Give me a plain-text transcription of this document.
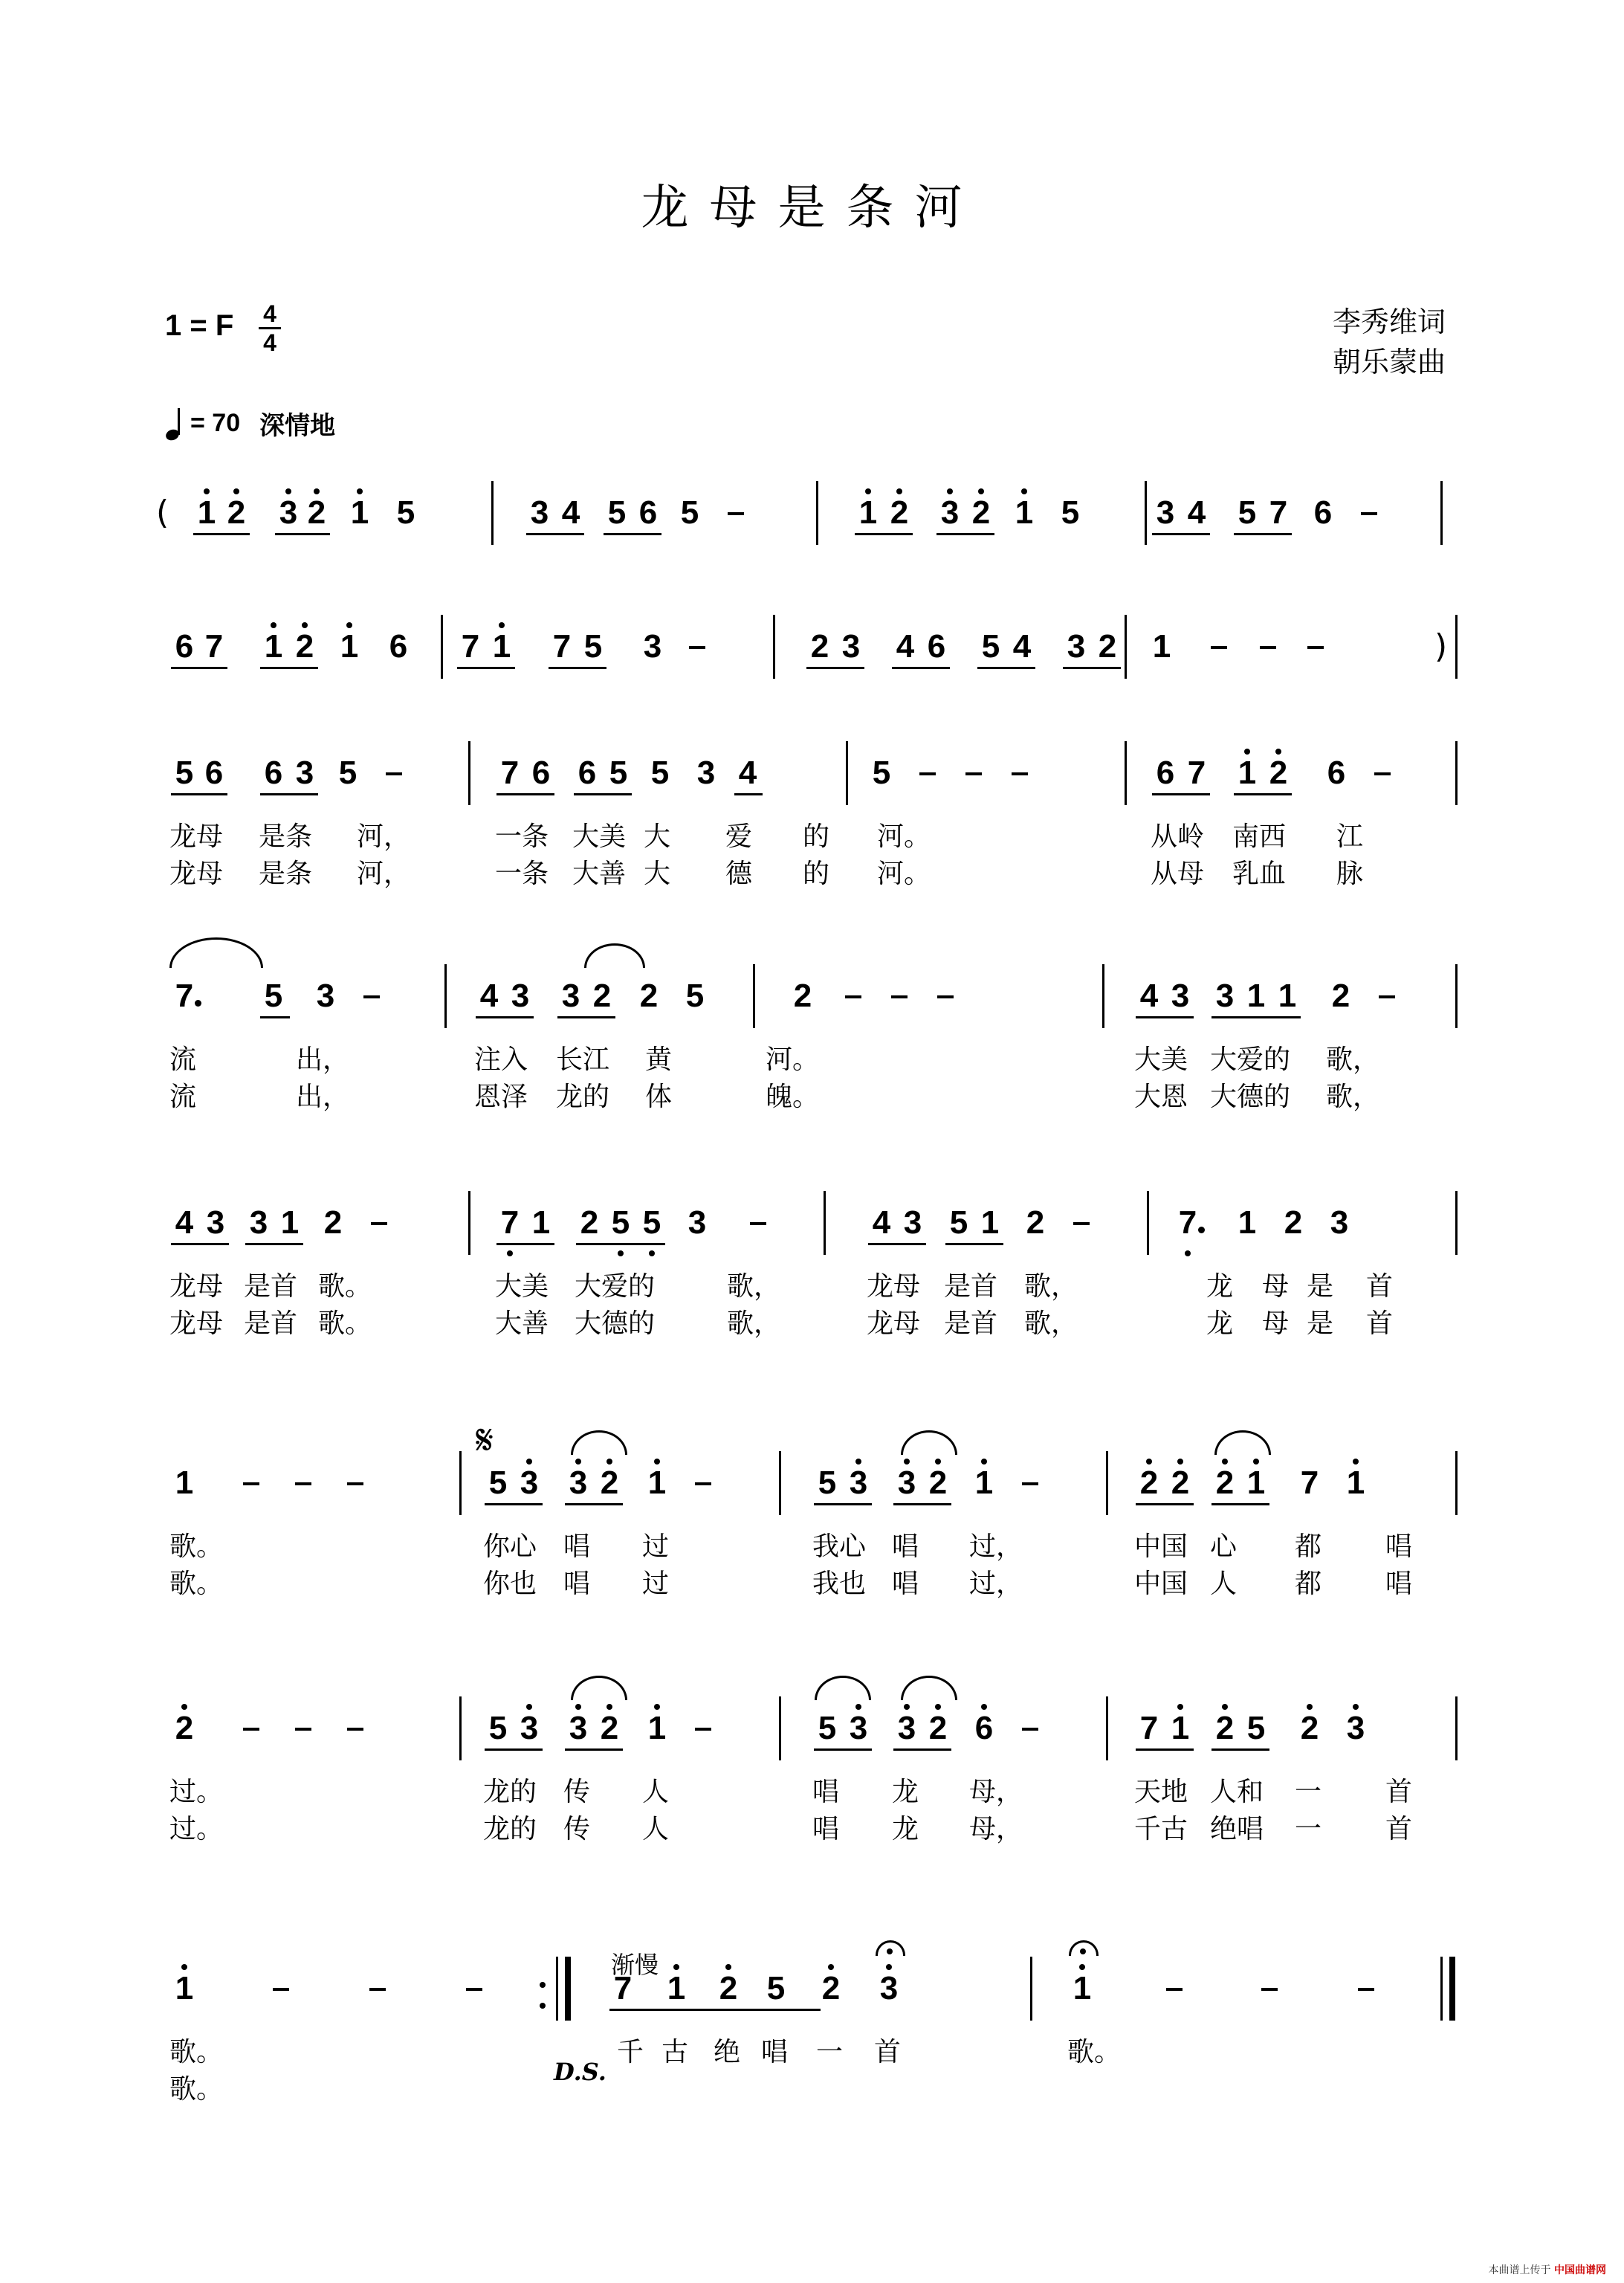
龙母是条河
1 = F 4
4
李秀维词
朝乐蒙曲
= 70 深情地
( 1 2 3 2 1 5	3 4 5 6 5	1 2 3 2 1 5 3 4 5 7 6
)
6 7 1 2 1 6 7 1 7 5 3	2 3 4 6 5 4 3 2 1
5 6 6 3 5	7 6 6 5 5 3 4	5	6 7 1 2 6
龙母 是条 河，	一条 大美 大 爱 的 河。	从岭 南西 江
龙母 是条 河，	一条 大善 大 德 的 河。	从母 乳血 脉
7 5 3	4 3 3 2 2 5	2	4 3 3 1 1 2
流	出，	注入 长江 黄	河。	大美 大爱的 歌，
流	出，	恩泽 龙的 体	魄。	大恩 大德的 歌，
4 3 3 1 2	7 1 2 5 5 3	4 3 5 1 2	7 1 2 3
龙母 是首 歌。	大美 大爱的	歌，	龙母 是首 歌，	龙 母 是 首
龙母 是首 歌。	大善 大德的	歌，	龙母 是首 歌，	龙 母 是 首
1	5 3 3 2 1	5 3 3 2 1	2 2 2 1 7 1
歌。	你心 唱 过	我心 唱 过，	中国 心 都 唱
歌。	你也 唱 过	我也 唱 过，	中国 人 都 唱
2	5 3 3 2 1	5 3 3 2 6	7 1 2 5 2 3
过。	龙的 传 人	唱 龙 母，	天地 人和 一 首
过。	龙的 传 人	唱 龙 母，	千古 绝唱 一 首
1	7 1 2 5 2 3	1
歌。	千 古 绝 唱 一 首	歌。
歌。
𝄋
渐慢
D.S.
本曲谱上传于 中国曲谱网
